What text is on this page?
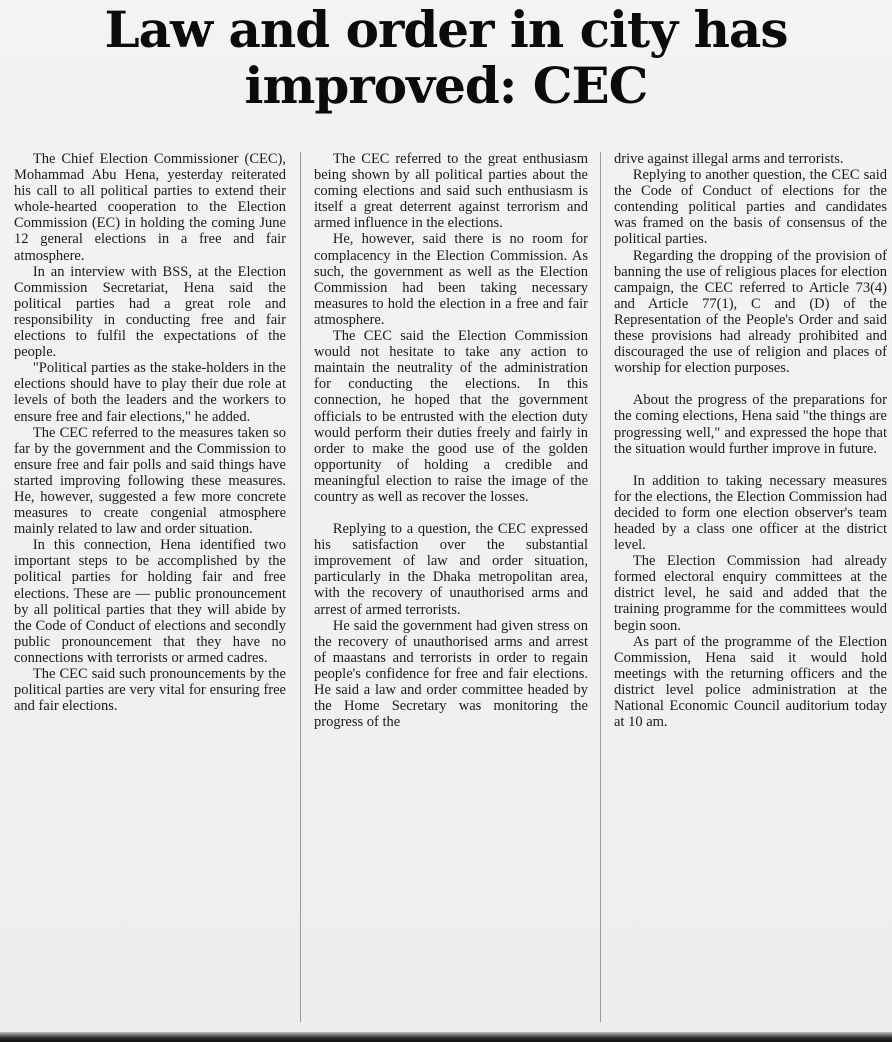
Law and order in city has improved: CEC

The Chief Election Commissioner (CEC), Mohammad Abu Hena, yesterday reiterated his call to all political parties to extend their whole-hearted cooperation to the Election Commission (EC) in holding the coming June 12 general elections in a free and fair atmosphere.

In an interview with BSS, at the Election Commission Secretariat, Hena said the political parties had a great role and responsibility in conducting free and fair elections to fulfil the expectations of the people.

"Political parties as the stake-holders in the elections should have to play their due role at levels of both the leaders and the workers to ensure free and fair elections," he added.

The CEC referred to the measures taken so far by the government and the Commission to ensure free and fair polls and said things have started improving following these measures. He, however, suggested a few more concrete measures to create congenial atmosphere mainly related to law and order situation.

In this connection, Hena identified two important steps to be accomplished by the political parties for holding fair and free elections. These are — public pronouncement by all political parties that they will abide by the Code of Conduct of elections and secondly public pronouncement that they have no connections with terrorists or armed cadres.

The CEC said such pronouncements by the political parties are very vital for ensuring free and fair elections.

The CEC referred to the great enthusiasm being shown by all political parties about the coming elections and said such enthusiasm is itself a great deterrent against terrorism and armed influence in the elections.

He, however, said there is no room for complacency in the Election Commission. As such, the government as well as the Election Commission had been taking necessary measures to hold the election in a free and fair atmosphere.

The CEC said the Election Commission would not hesitate to take any action to maintain the neutrality of the administration for conducting the elections. In this connection, he hoped that the government officials to be entrusted with the election duty would perform their duties freely and fairly in order to make the good use of the golden opportunity of holding a credible and meaningful election to raise the image of the country as well as recover the losses.

Replying to a question, the CEC expressed his satisfaction over the substantial improvement of law and order situation, particularly in the Dhaka metropolitan area, with the recovery of unauthorised arms and arrest of armed terrorists.

He said the government had given stress on the recovery of unauthorised arms and arrest of maastans and terrorists in order to regain people's confidence for free and fair elections. He said a law and order committee headed by the Home Secretary was monitoring the progress of the

drive against illegal arms and terrorists.

Replying to another question, the CEC said the Code of Conduct of elections for the contending political parties and candidates was framed on the basis of consensus of the political parties.

Regarding the dropping of the provision of banning the use of religious places for election campaign, the CEC referred to Article 73(4) and Article 77(1), C and (D) of the Representation of the People's Order and said these provisions had already prohibited and discouraged the use of religion and places of worship for election purposes.

About the progress of the preparations for the coming elections, Hena said "the things are progressing well," and expressed the hope that the situation would further improve in future.

In addition to taking necessary measures for the elections, the Election Commission had decided to form one election observer's team headed by a class one officer at the district level.

The Election Commission had already formed electoral enquiry committees at the district level, he said and added that the training programme for the committees would begin soon.

As part of the programme of the Election Commission, Hena said it would hold meetings with the returning officers and the district level police administration at the National Economic Council auditorium today at 10 am.
